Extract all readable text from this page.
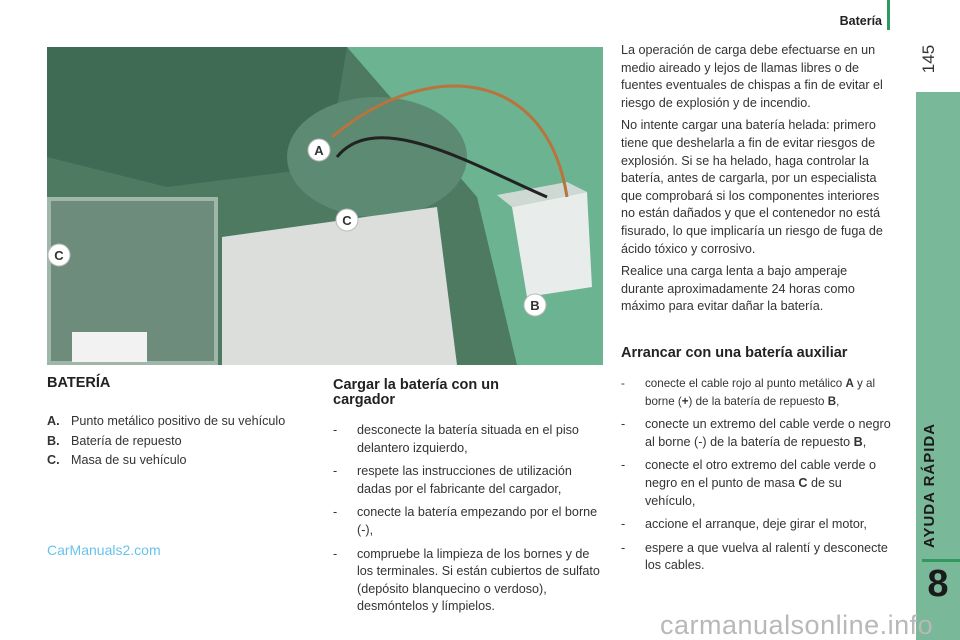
Batería
145
AYUDA RÁPIDA
8
A
B
C
C
BATERÍA
A. Punto metálico positivo de su vehículo
B. Batería de repuesto
C. Masa de su vehículo
Cargar la batería con un cargador
-	desconecte la batería situada en el piso delantero izquierdo,
-	respete las instrucciones de utilización dadas por el fabricante del cargador,
-	conecte la batería empezando por el borne (-),
-	compruebe la limpieza de los bornes y de los terminales. Si están cubiertos de sulfato (depósito blanquecino o verdoso), desmóntelos y límpielos.

La operación de carga debe efectuarse en un medio aireado y lejos de llamas libres o de fuentes eventuales de chispas a fin de evitar el riesgo de explosión y de incendio.

No intente cargar una batería helada: primero tiene que deshelarla a fin de evitar riesgos de explosión. Si se ha helado, haga controlar la batería, antes de cargarla, por un especialista que comprobará si los componentes interiores no están dañados y que el contenedor no está fisurado, lo que implicaría un riesgo de fuga de ácido tóxico y corrosivo.

Realice una carga lenta a bajo amperaje durante aproximadamente 24 horas como máximo para evitar dañar la batería.

Arrancar con una batería auxiliar
-	conecte el cable rojo al punto metálico A y al borne (+) de la batería de repuesto B,
-	conecte un extremo del cable verde o negro al borne (-) de la batería de repuesto B,
-	conecte el otro extremo del cable verde o negro en el punto de masa C de su vehículo,
-	accione el arranque, deje girar el motor,
-	espere a que vuelva al ralentí y desconecte los cables.
CarManuals2.com
carmanualsonline.info
